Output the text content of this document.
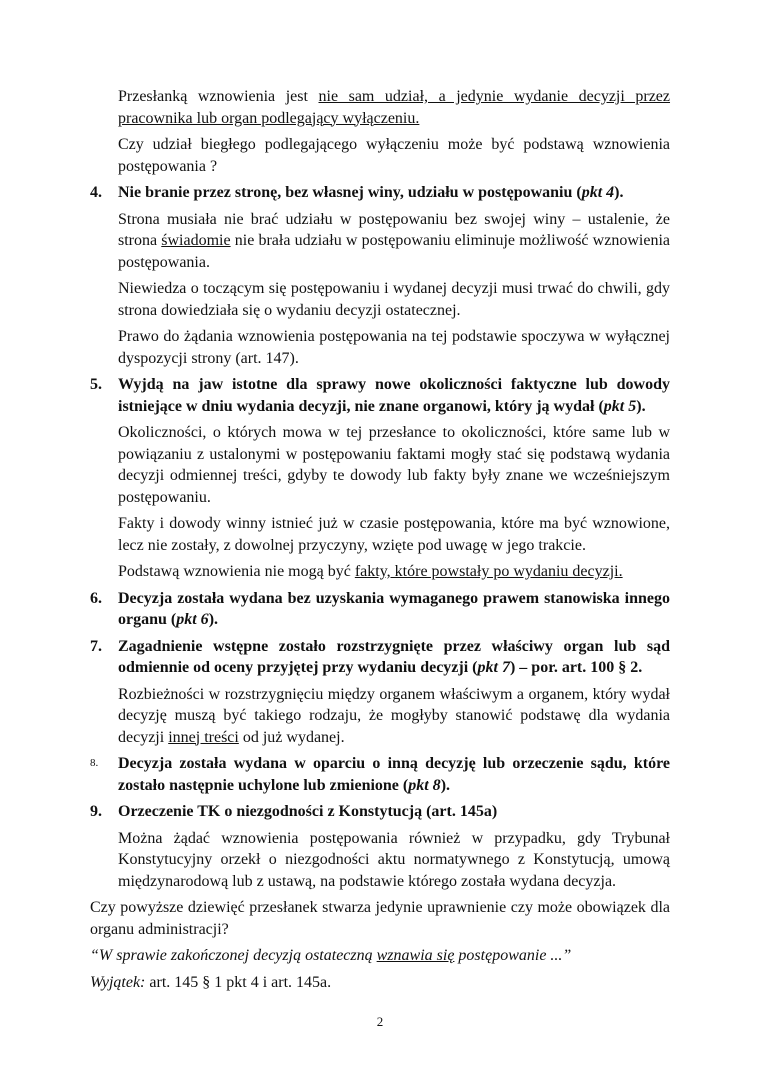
Przesłanką wznowienia jest nie sam udział, a jedynie wydanie decyzji przez pracownika lub organ podlegający wyłączeniu.

Czy udział biegłego podlegającego wyłączeniu może być podstawą wznowienia postępowania ?

4. Nie branie przez stronę, bez własnej winy, udziału w postępowaniu (pkt 4).

Strona musiała nie brać udziału w postępowaniu bez swojej winy – ustalenie, że strona świadomie nie brała udziału w postępowaniu eliminuje możliwość wznowienia postępowania.

Niewiedza o toczącym się postępowaniu i wydanej decyzji musi trwać do chwili, gdy strona dowiedziała się o wydaniu decyzji ostatecznej.

Prawo do żądania wznowienia postępowania na tej podstawie spoczywa w wyłącznej dyspozycji strony (art. 147).

5. Wyjdą na jaw istotne dla sprawy nowe okoliczności faktyczne lub dowody istniejące w dniu wydania decyzji, nie znane organowi, który ją wydał (pkt 5).

Okoliczności, o których mowa w tej przesłance to okoliczności, które same lub w powiązaniu z ustalonymi w postępowaniu faktami mogły stać się podstawą wydania decyzji odmiennej treści, gdyby te dowody lub fakty były znane we wcześniejszym postępowaniu.

Fakty i dowody winny istnieć już w czasie postępowania, które ma być wznowione, lecz nie zostały, z dowolnej przyczyny, wzięte pod uwagę w jego trakcie.

Podstawą wznowienia nie mogą być fakty, które powstały po wydaniu decyzji.

6. Decyzja została wydana bez uzyskania wymaganego prawem stanowiska innego organu (pkt 6).

7. Zagadnienie wstępne zostało rozstrzygnięte przez właściwy organ lub sąd odmiennie od oceny przyjętej przy wydaniu decyzji (pkt 7) – por. art. 100 § 2.

Rozbieżności w rozstrzygnięciu między organem właściwym a organem, który wydał decyzję muszą być takiego rodzaju, że mogłyby stanowić podstawę dla wydania decyzji innej treści od już wydanej.

8. Decyzja została wydana w oparciu o inną decyzję lub orzeczenie sądu, które zostało następnie uchylone lub zmienione (pkt 8).

9. Orzeczenie TK o niezgodności z Konstytucją (art. 145a)

Można żądać wznowienia postępowania również w przypadku, gdy Trybunał Konstytucyjny orzekł o niezgodności aktu normatywnego z Konstytucją, umową międzynarodową lub z ustawą, na podstawie którego została wydana decyzja.

Czy powyższe dziewięć przesłanek stwarza jedynie uprawnienie czy może obowiązek dla organu administracji?

“W sprawie zakończonej decyzją ostateczną wznawia się postępowanie ...”

Wyjątek: art. 145 § 1 pkt 4 i art. 145a.

2
